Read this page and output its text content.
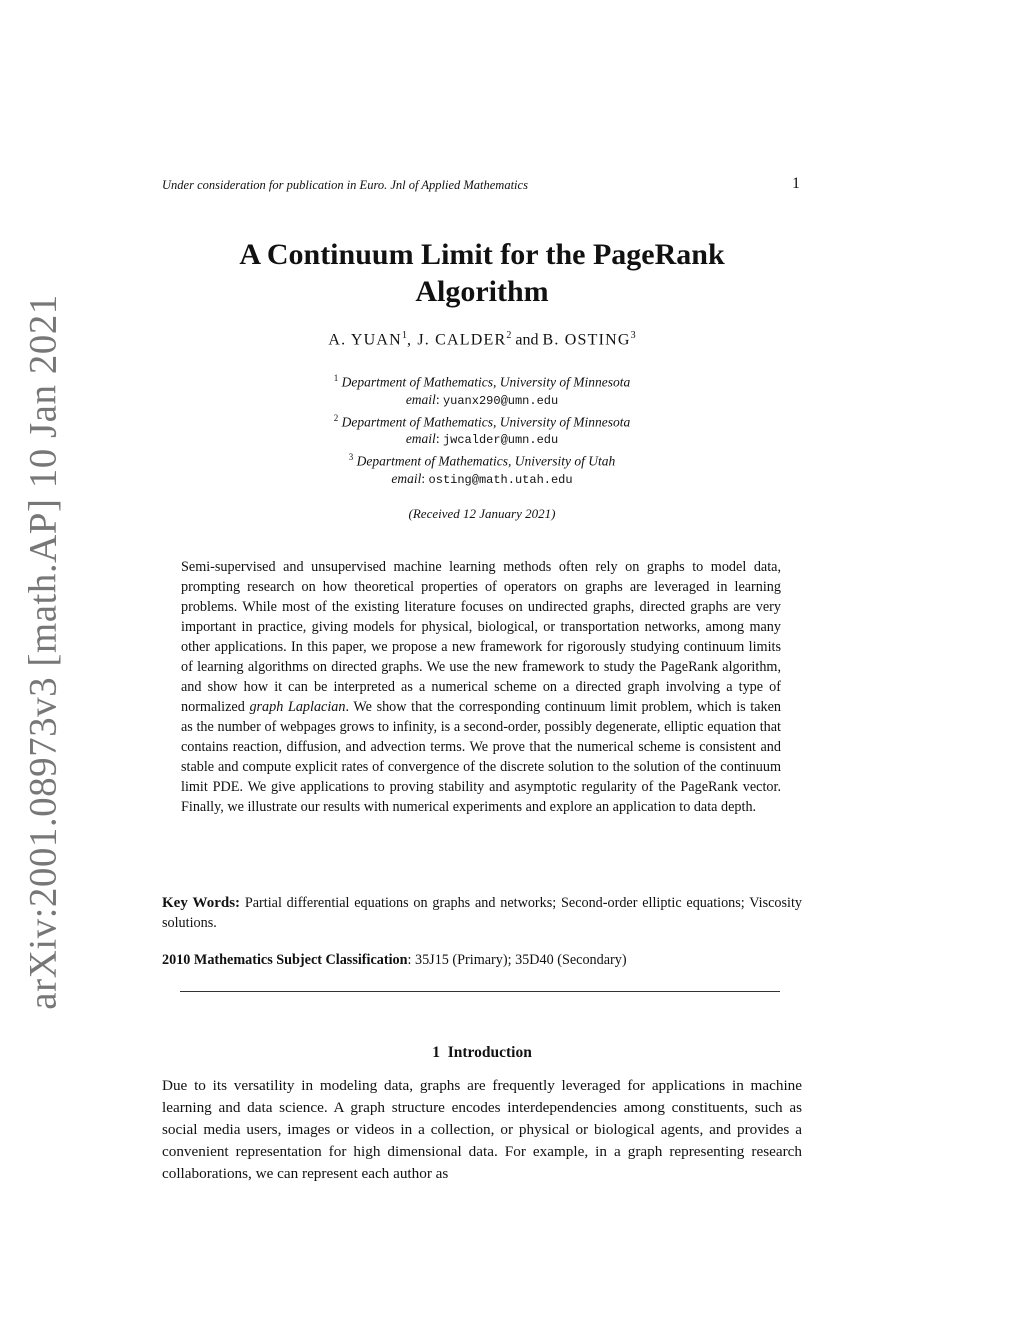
arXiv:2001.08973v3 [math.AP] 10 Jan 2021
Under consideration for publication in Euro. Jnl of Applied Mathematics	1
A Continuum Limit for the PageRank
Algorithm
A. YUAN$^1$, J. CALDER$^2$ and B. OSTING$^3$
$^1$ Department of Mathematics, University of Minnesota
email: yuanx290@umn.edu
$^2$ Department of Mathematics, University of Minnesota
email: jwcalder@umn.edu
$^3$ Department of Mathematics, University of Utah
email: osting@math.utah.edu
(Received 12 January 2021)
Semi-supervised and unsupervised machine learning methods often rely on graphs to model data, prompting research on how theoretical properties of operators on graphs are leveraged in learning problems. While most of the existing literature focuses on undirected graphs, directed graphs are very important in practice, giving models for physical, biological, or transportation networks, among many other applications. In this paper, we propose a new framework for rigorously studying continuum limits of learning algorithms on directed graphs. We use the new framework to study the PageRank algorithm, and show how it can be interpreted as a numerical scheme on a directed graph involving a type of normalized graph Laplacian. We show that the corresponding continuum limit problem, which is taken as the number of webpages grows to infinity, is a second-order, possibly degenerate, elliptic equation that contains reaction, diffusion, and advection terms. We prove that the numerical scheme is consistent and stable and compute explicit rates of convergence of the discrete solution to the solution of the continuum limit PDE. We give applications to proving stability and asymptotic regularity of the PageRank vector. Finally, we illustrate our results with numerical experiments and explore an application to data depth.
Key Words: Partial differential equations on graphs and networks; Second-order elliptic equations; Viscosity solutions.
2010 Mathematics Subject Classification: 35J15 (Primary); 35D40 (Secondary)
1  Introduction
Due to its versatility in modeling data, graphs are frequently leveraged for applications in machine learning and data science. A graph structure encodes interdependencies among constituents, such as social media users, images or videos in a collection, or physical or biological agents, and provides a convenient representation for high dimensional data. For example, in a graph representing research collaborations, we can represent each author as
